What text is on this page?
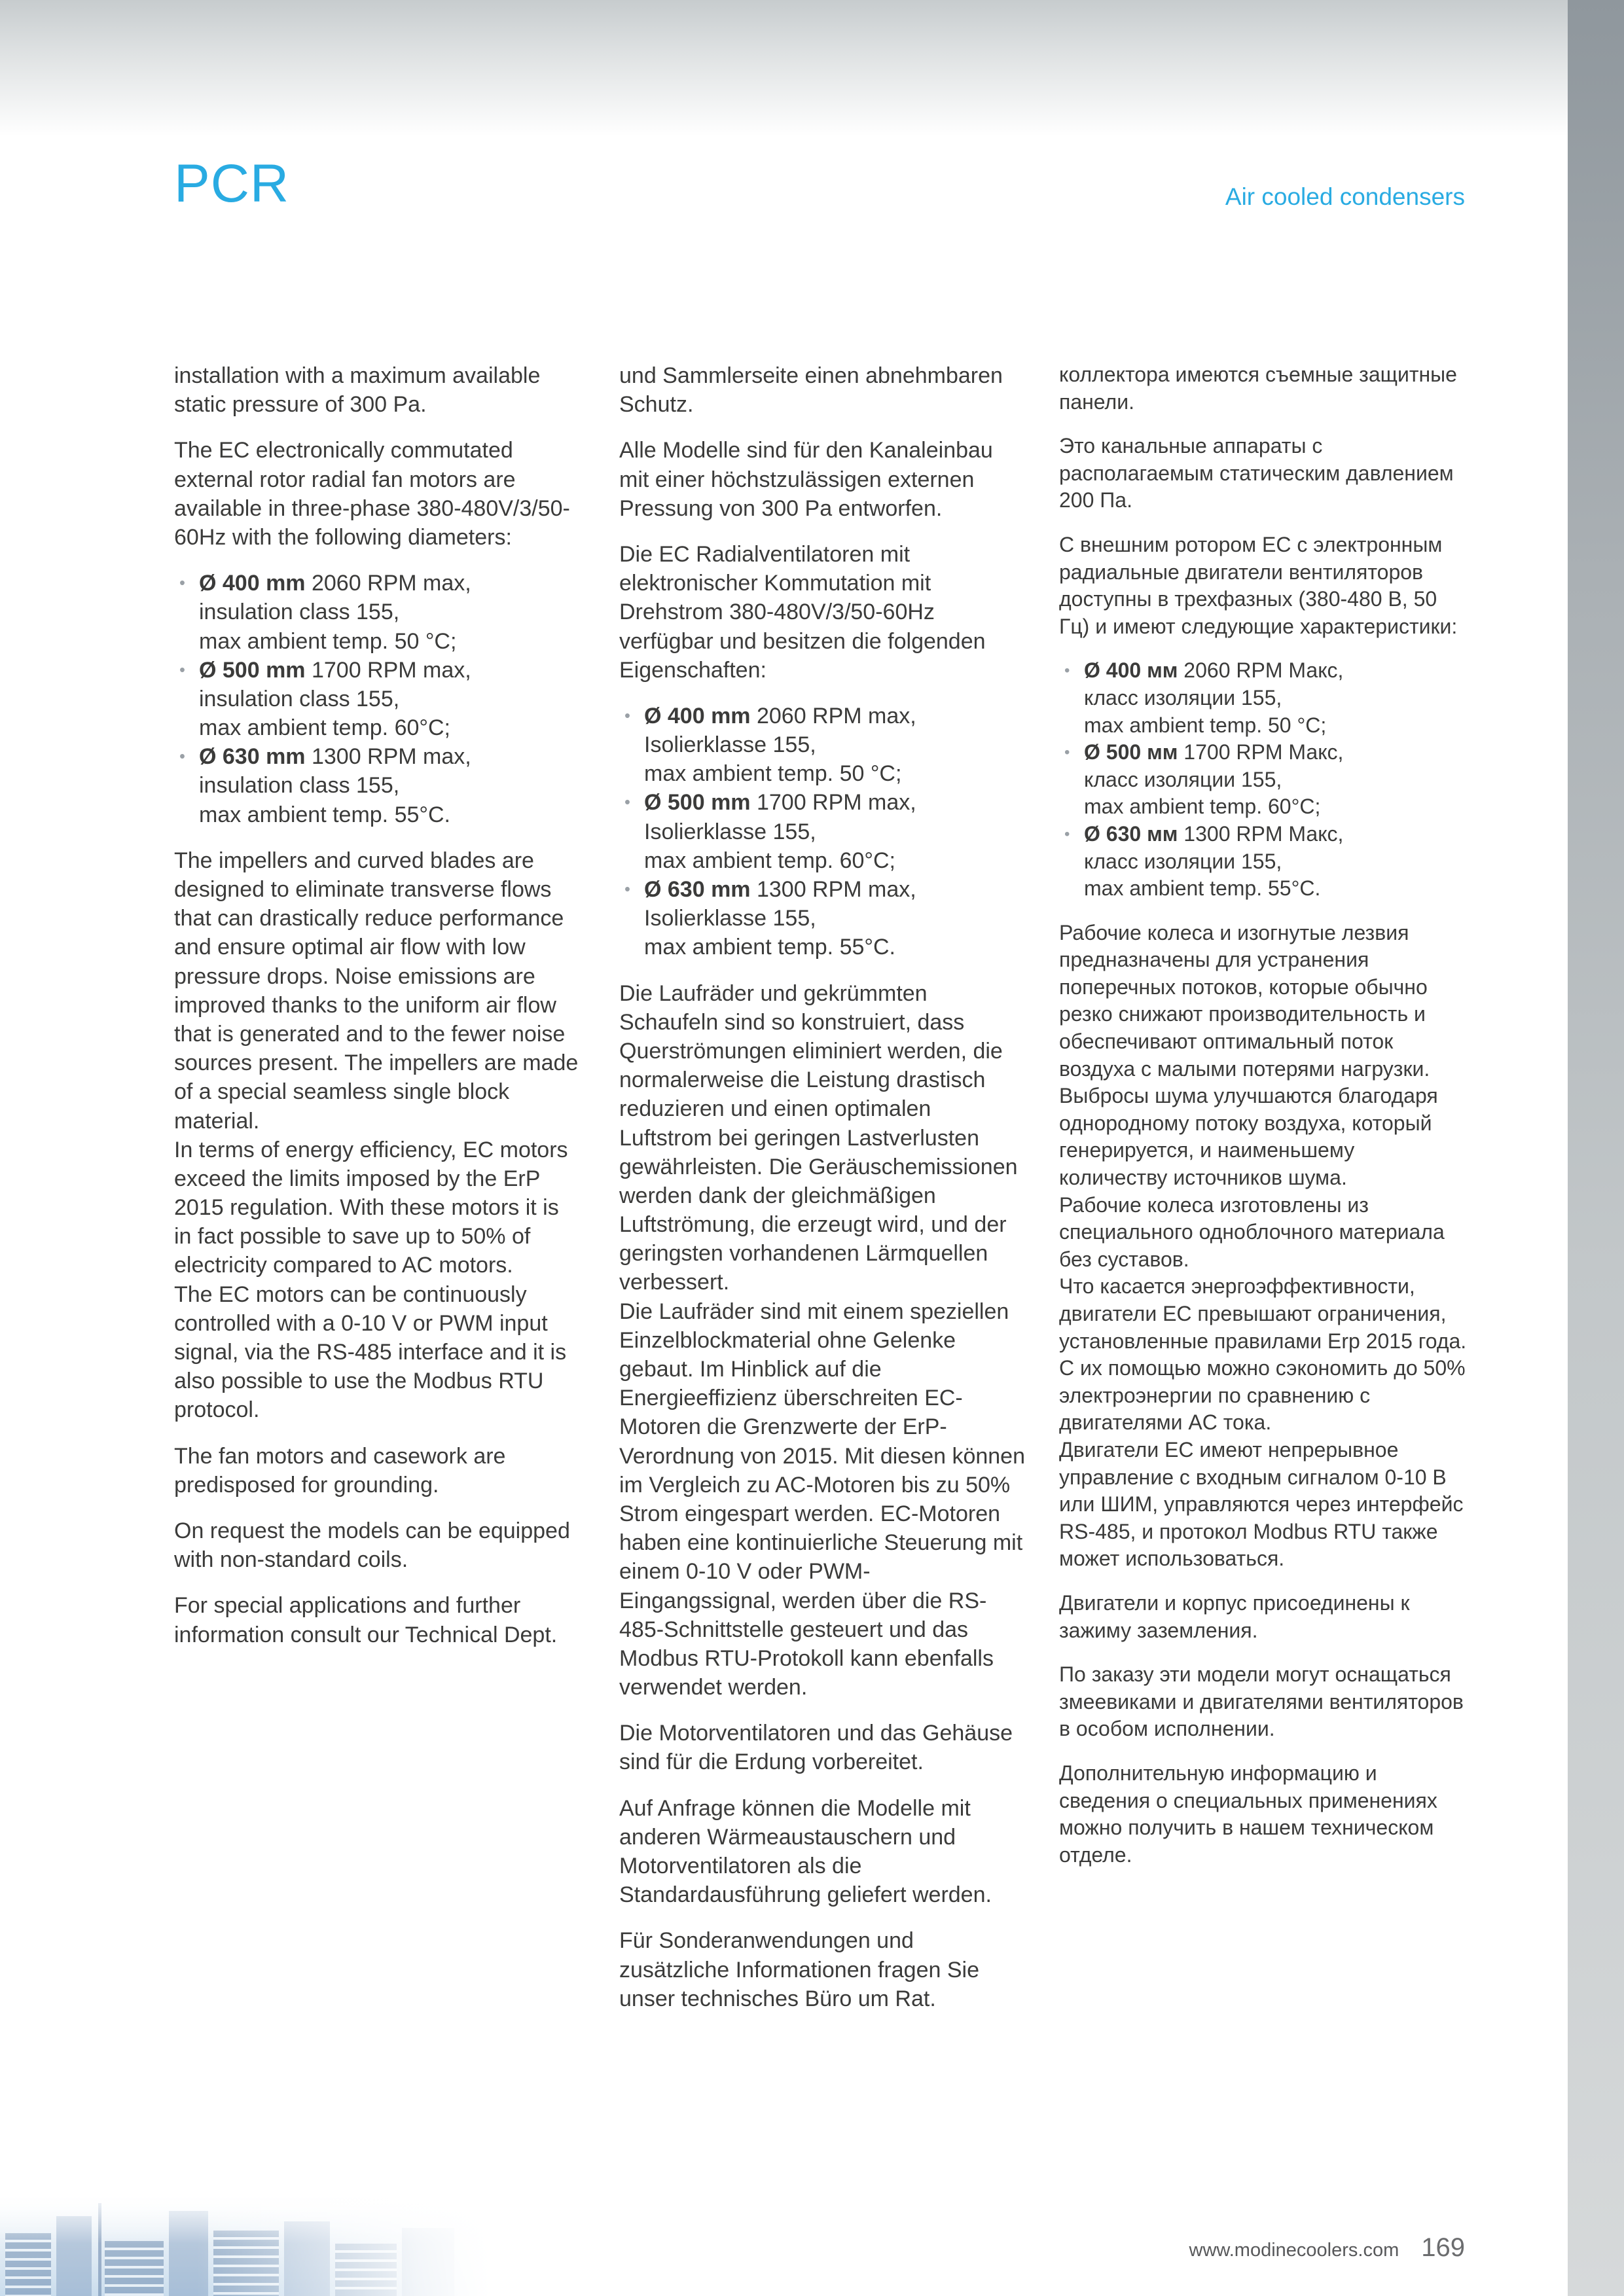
PCR	Air cooled condensers

installation with a maximum available static pressure of 300 Pa.

The EC electronically commutated external rotor radial fan motors are available in three-phase 380-480V/3/50-60Hz with the following diameters:

• Ø 400 mm 2060 RPM max,
insulation class 155,
max ambient temp. 50 °C;
• Ø 500 mm 1700 RPM max,
insulation class 155,
max ambient temp. 60°C;
• Ø 630 mm 1300 RPM max,
insulation class 155,
max ambient temp. 55°C.
The impellers and curved blades are designed to eliminate transverse flows that can drastically reduce performance and ensure optimal air flow with low pressure drops. Noise emissions are improved thanks to the uniform air flow that is generated and to the fewer noise sources present. The impellers are made of a special seamless single block material.
In terms of energy efficiency, EC motors exceed the limits imposed by the ErP 2015 regulation. With these motors it is in fact possible to save up to 50% of electricity compared to AC motors.
The EC motors can be continuously controlled with a 0-10 V or PWM input signal, via the RS-485 interface and it is also possible to use the Modbus RTU protocol.

The fan motors and casework are predisposed for grounding.

On request the models can be equipped with non-standard coils.

For special applications and further information consult our Technical Dept.

und Sammlerseite einen abnehmbaren Schutz.

Alle Modelle sind für den Kanaleinbau mit einer höchstzulässigen externen Pressung von 300 Pa entworfen.

Die EC Radialventilatoren mit elektronischer Kommutation mit Drehstrom 380-480V/3/50-60Hz verfügbar und besitzen die folgenden Eigenschaften:

• Ø 400 mm 2060 RPM max,
Isolierklasse 155,
max ambient temp. 50 °C;
• Ø 500 mm 1700 RPM max,
Isolierklasse 155,
max ambient temp. 60°C;
• Ø 630 mm 1300 RPM max,
Isolierklasse 155,
max ambient temp. 55°C.
Die Laufräder und gekrümmten Schaufeln sind so konstruiert, dass Querströmungen eliminiert werden, die normalerweise die Leistung drastisch reduzieren und einen optimalen Luftstrom bei geringen Lastverlusten gewährleisten. Die Geräuschemissionen werden dank der gleichmäßigen Luftströmung, die erzeugt wird, und der geringsten vorhandenen Lärmquellen verbessert.
Die Laufräder sind mit einem speziellen Einzelblockmaterial ohne Gelenke gebaut. Im Hinblick auf die Energieeffizienz überschreiten EC-Motoren die Grenzwerte der ErP-Verordnung von 2015. Mit diesen können im Vergleich zu AC-Motoren bis zu 50% Strom eingespart werden. EC-Motoren haben eine kontinuierliche Steuerung mit einem 0-10 V oder PWM-Eingangssignal, werden über die RS-485-Schnittstelle gesteuert und das Modbus RTU-Protokoll kann ebenfalls verwendet werden.

Die Motorventilatoren und das Gehäuse sind für die Erdung vorbereitet.

Auf Anfrage können die Modelle mit anderen Wärmeaustauschern und Motorventilatoren als die Standardausführung geliefert werden.

Für Sonderanwendungen und zusätzliche Informationen fragen Sie unser technisches Büro um Rat.

коллектора имеются съемные защитные панели.

Это канальные аппараты с располагаемым статическим давлением 200 Па.

С внешним ротором EC с электронным радиальные двигатели вентиляторов доступны в трехфазных (380-480 В, 50 Гц) и имеют следующие характеристики:

• Ø 400 мм 2060 RPM Макс,
класс изоляции 155,
max ambient temp. 50 °C;
• Ø 500 мм 1700 RPM Макс,
класс изоляции 155,
max ambient temp. 60°C;
• Ø 630 мм 1300 RPM Макс,
класс изоляции 155,
max ambient temp. 55°C.
Рабочие колеса и изогнутые лезвия предназначены для устранения поперечных потоков, которые обычно резко снижают производительность и обеспечивают оптимальный поток воздуха с малыми потерями нагрузки.
Выбросы шума улучшаются благодаря однородному потоку воздуха, который генерируется, и наименьшему количеству источников шума.
Рабочие колеса изготовлены из специального одноблочного материала без суставов.
Что касается энергоэффективности, двигатели EC превышают ограничения, установленные правилами Erp 2015 года. С их помощью можно сэкономить до 50% электроэнергии по сравнению с двигателями AC тока.
Двигатели EC имеют непрерывное управление с входным сигналом 0-10 В или ШИМ, управляются через интерфейс RS-485, и протокол Modbus RTU также может использоваться.

Двигатели и корпус присоединены к зажиму заземления.

По заказу эти модели могут оснащаться змеевиками и двигателями вентиляторов в особом исполнении.

Дополнительную информацию и сведения о специальных применениях можно получить в нашем техническом отделе.

www.modinecoolers.com 169
